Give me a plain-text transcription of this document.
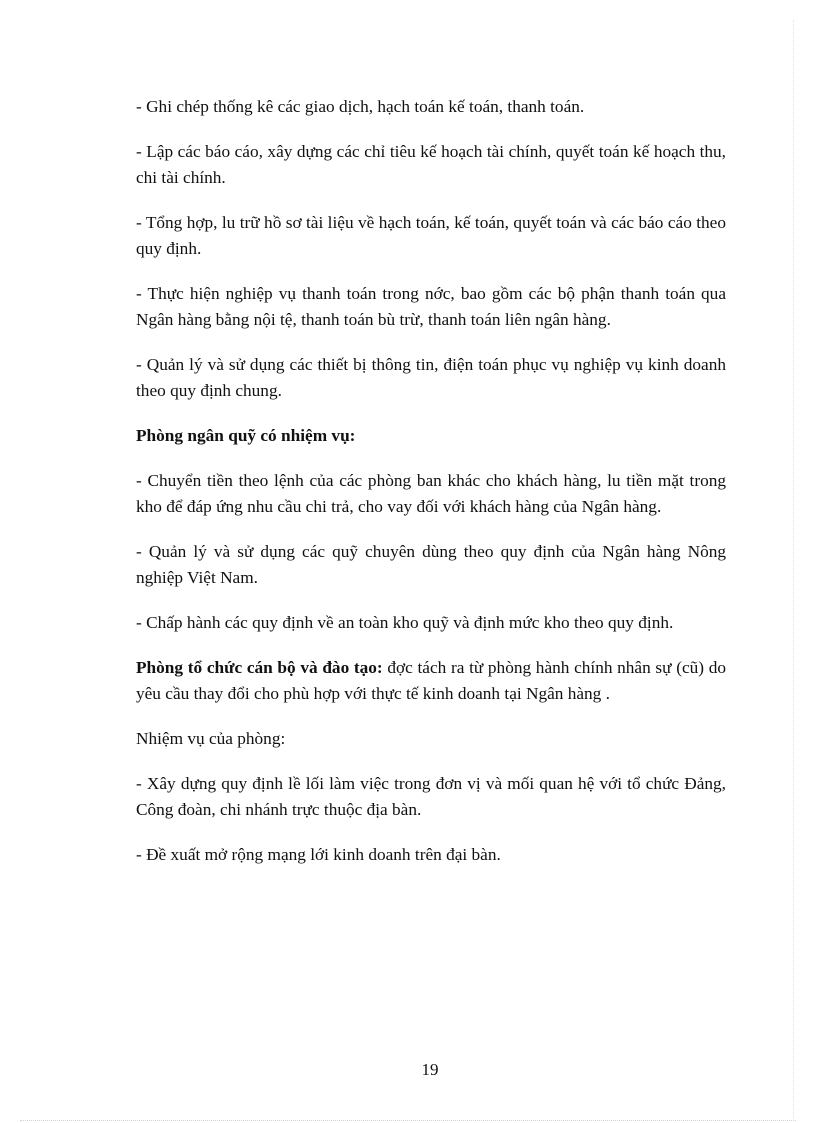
- Ghi chép thống kê các giao dịch, hạch toán kế toán, thanh toán.

- Lập các báo cáo, xây dựng các chỉ tiêu kế hoạch tài chính, quyết toán kế hoạch thu, chi tài chính.

- Tổng hợp, lu trữ hồ sơ tài liệu về hạch toán, kế toán, quyết toán và các báo cáo theo quy định.

- Thực hiện nghiệp vụ thanh toán trong nớc, bao gồm các bộ phận thanh toán qua Ngân hàng bằng nội tệ, thanh toán bù trừ, thanh toán liên ngân hàng.

- Quản lý và sử dụng các thiết bị thông tin, điện toán phục vụ nghiệp vụ kinh doanh theo quy định chung.

Phòng ngân quỹ có nhiệm vụ:

- Chuyển tiền theo lệnh của các phòng ban khác cho khách hàng, lu tiền mặt trong kho để đáp ứng nhu cầu chi trả, cho vay đối với khách hàng của Ngân hàng.

- Quản lý và sử dụng các quỹ chuyên dùng theo quy định của Ngân hàng Nông nghiệp Việt Nam.

- Chấp hành các quy định về an toàn kho quỹ và định mức kho theo quy định.

Phòng tổ chức cán bộ và đào tạo: đợc tách ra từ phòng hành chính nhân sự (cũ) do yêu cầu thay đổi cho phù hợp với thực tế kinh doanh tại Ngân hàng .

Nhiệm vụ của phòng:

- Xây dựng quy định lề lối làm việc trong đơn vị và mối quan hệ với tổ chức Đảng, Công đoàn, chi nhánh trực thuộc địa bàn.

- Đề xuất mở rộng mạng lới kinh doanh trên đại bàn.

19
